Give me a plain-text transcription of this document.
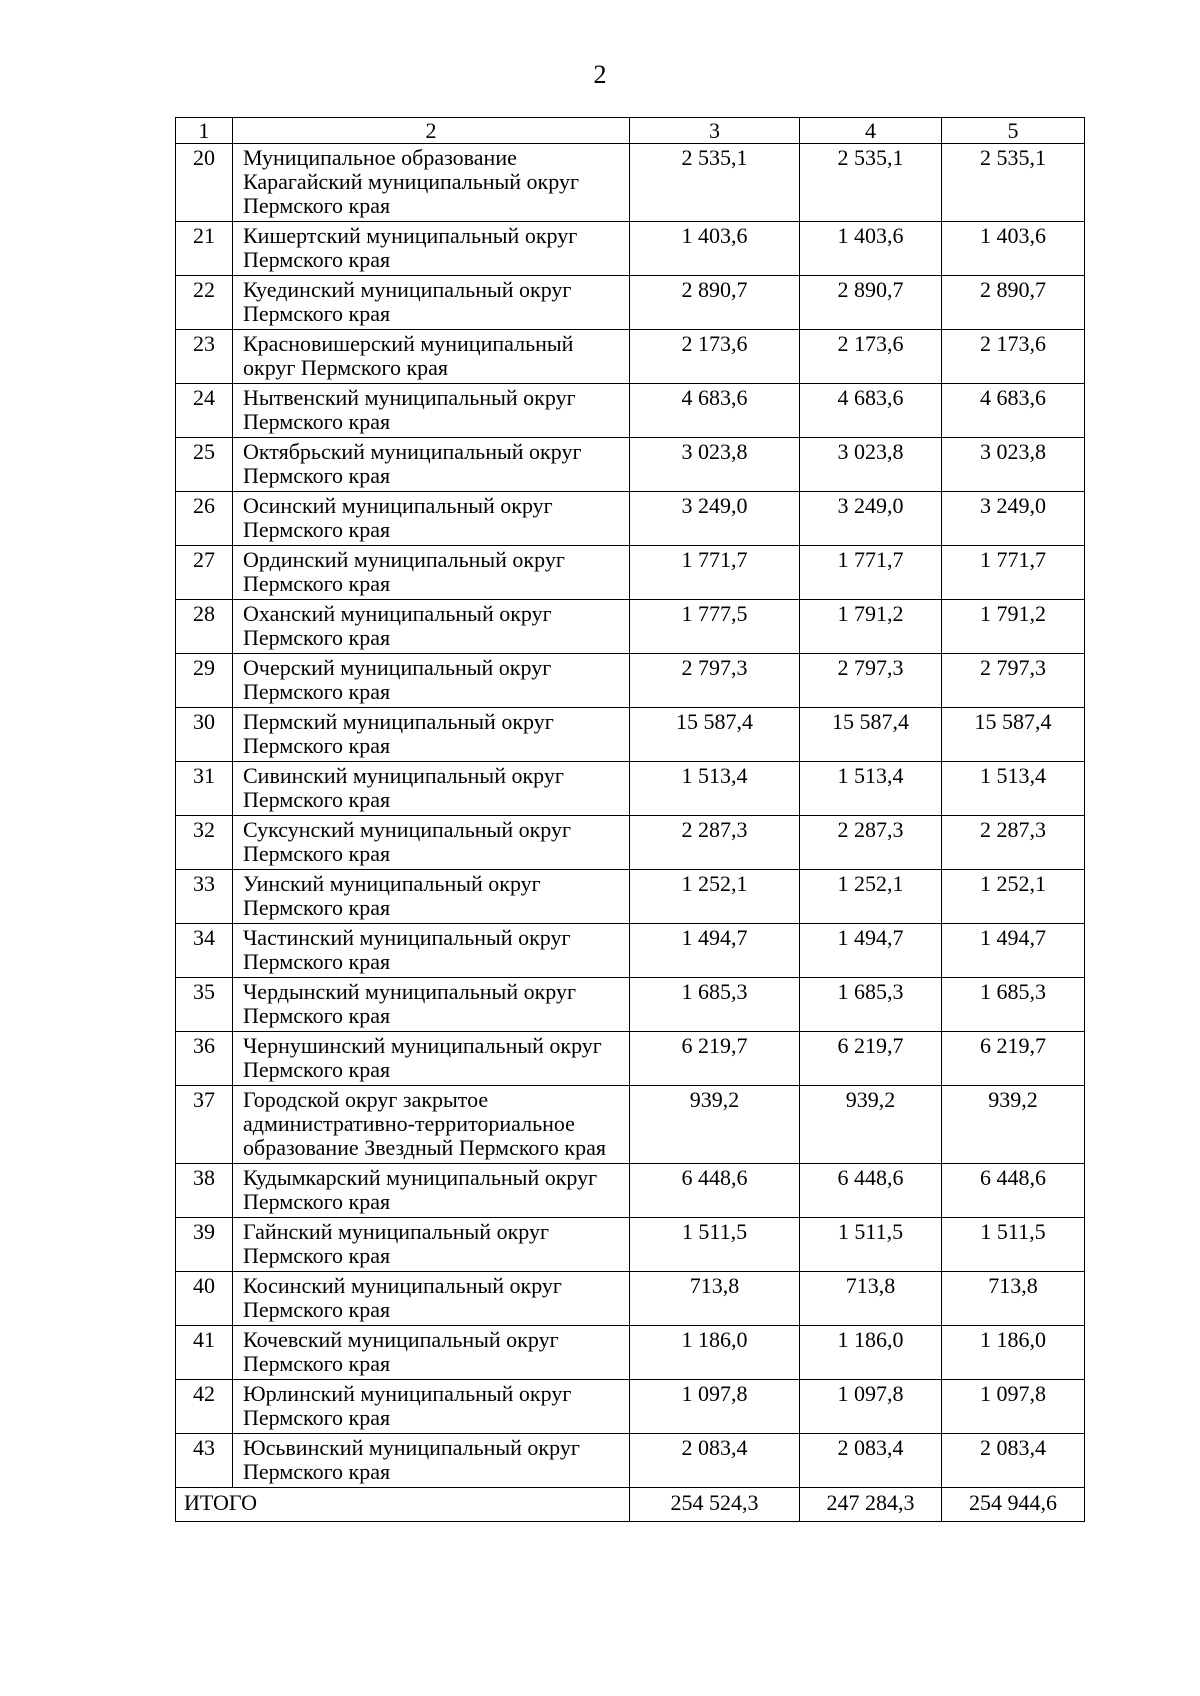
2
1	2	3	4	5
20	Муниципальное образование Карагайский муниципальный округ Пермского края	2 535,1	2 535,1	2 535,1
21	Кишертский муниципальный округ Пермского края	1 403,6	1 403,6	1 403,6
22	Куединский муниципальный округ Пермского края	2 890,7	2 890,7	2 890,7
23	Красновишерский муниципальный округ Пермского края	2 173,6	2 173,6	2 173,6
24	Нытвенский муниципальный округ Пермского края	4 683,6	4 683,6	4 683,6
25	Октябрьский муниципальный округ Пермского края	3 023,8	3 023,8	3 023,8
26	Осинский муниципальный округ Пермского края	3 249,0	3 249,0	3 249,0
27	Ординский муниципальный округ Пермского края	1 771,7	1 771,7	1 771,7
28	Оханский муниципальный округ Пермского края	1 777,5	1 791,2	1 791,2
29	Очерский муниципальный округ Пермского края	2 797,3	2 797,3	2 797,3
30	Пермский муниципальный округ Пермского края	15 587,4	15 587,4	15 587,4
31	Сивинский муниципальный округ Пермского края	1 513,4	1 513,4	1 513,4
32	Суксунский муниципальный округ Пермского края	2 287,3	2 287,3	2 287,3
33	Уинский муниципальный округ Пермского края	1 252,1	1 252,1	1 252,1
34	Частинский муниципальный округ Пермского края	1 494,7	1 494,7	1 494,7
35	Чердынский муниципальный округ Пермского края	1 685,3	1 685,3	1 685,3
36	Чернушинский муниципальный округ Пермского края	6 219,7	6 219,7	6 219,7
37	Городской округ закрытое административно-территориальное образование Звездный Пермского края	939,2	939,2	939,2
38	Кудымкарский муниципальный округ Пермского края	6 448,6	6 448,6	6 448,6
39	Гайнский муниципальный округ Пермского края	1 511,5	1 511,5	1 511,5
40	Косинский муниципальный округ Пермского края	713,8	713,8	713,8
41	Кочевский муниципальный округ Пермского края	1 186,0	1 186,0	1 186,0
42	Юрлинский муниципальный округ Пермского края	1 097,8	1 097,8	1 097,8
43	Юсьвинский муниципальный округ Пермского края	2 083,4	2 083,4	2 083,4
ИТОГО		254 524,3	247 284,3	254 944,6
